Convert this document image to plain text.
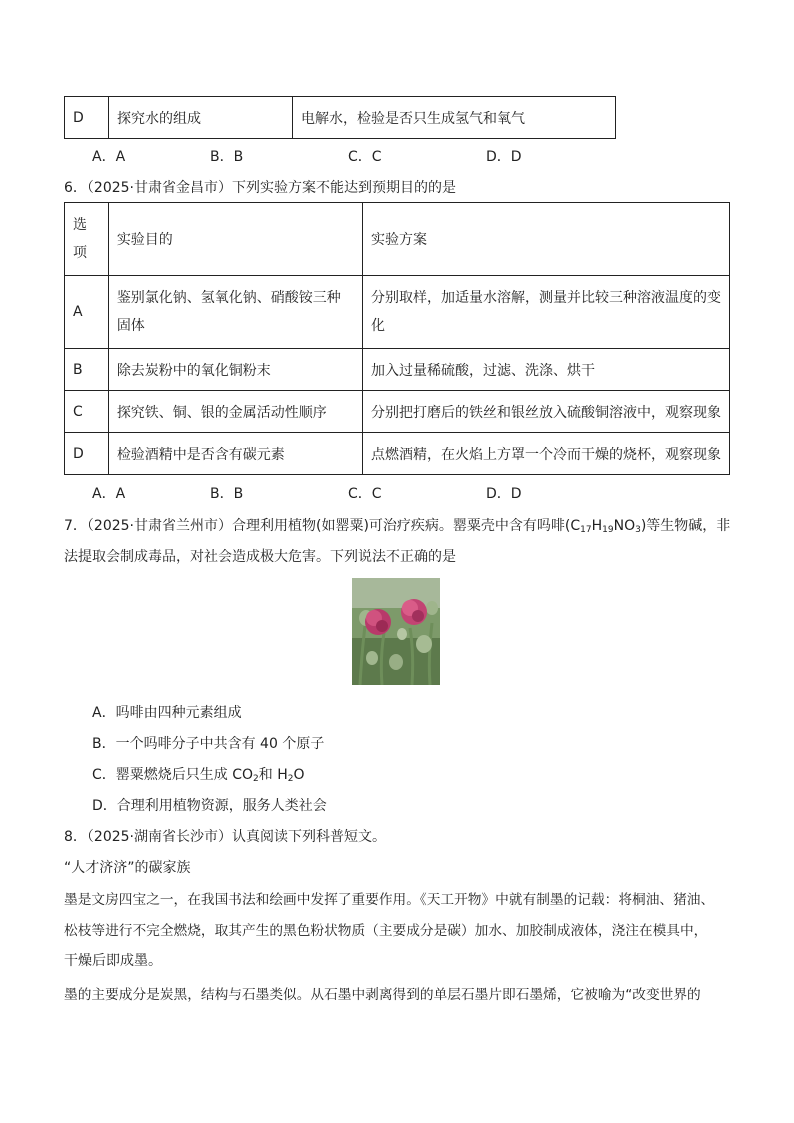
D	探究水的组成	电解水，检验是否只生成氢气和氧气
A．A	B．B	C．C	D．D
6．（2025·甘肃省金昌市）下列实验方案不能达到预期目的的是
选项	实验目的	实验方案
A	鉴别氯化钠、氢氧化钠、硝酸铵三种固体	分别取样，加适量水溶解，测量并比较三种溶液温度的变化
B	除去炭粉中的氧化铜粉末	加入过量稀硫酸，过滤、洗涤、烘干
C	探究铁、铜、银的金属活动性顺序	分别把打磨后的铁丝和银丝放入硫酸铜溶液中，观察现象
D	检验酒精中是否含有碳元素	点燃酒精，在火焰上方罩一个冷而干燥的烧杯，观察现象
A．A	B．B	C．C	D．D
7．（2025·甘肃省兰州市）合理利用植物(如罂粟)可治疗疾病。罂粟壳中含有吗啡$(C_{17}H_{19}NO_3)$等生物碱，非
法提取会制成毒品，对社会造成极大危害。下列说法不正确的是
A．吗啡由四种元素组成
B．一个吗啡分子中共含有 40 个原子
C．罂粟燃烧后只生成 $CO_2$和 $H_2O$
D．合理利用植物资源，服务人类社会
8．（2025·湖南省长沙市）认真阅读下列科普短文。
“人才济济”的碳家族
墨是文房四宝之一，在我国书法和绘画中发挥了重要作用。《天工开物》中就有制墨的记载：将桐油、猪油、
松枝等进行不完全燃烧，取其产生的黑色粉状物质（主要成分是碳）加水、加胶制成液体，浇注在模具中，
干燥后即成墨。
墨的主要成分是炭黑，结构与石墨类似。从石墨中剥离得到的单层石墨片即石墨烯，它被喻为“改变世界的
